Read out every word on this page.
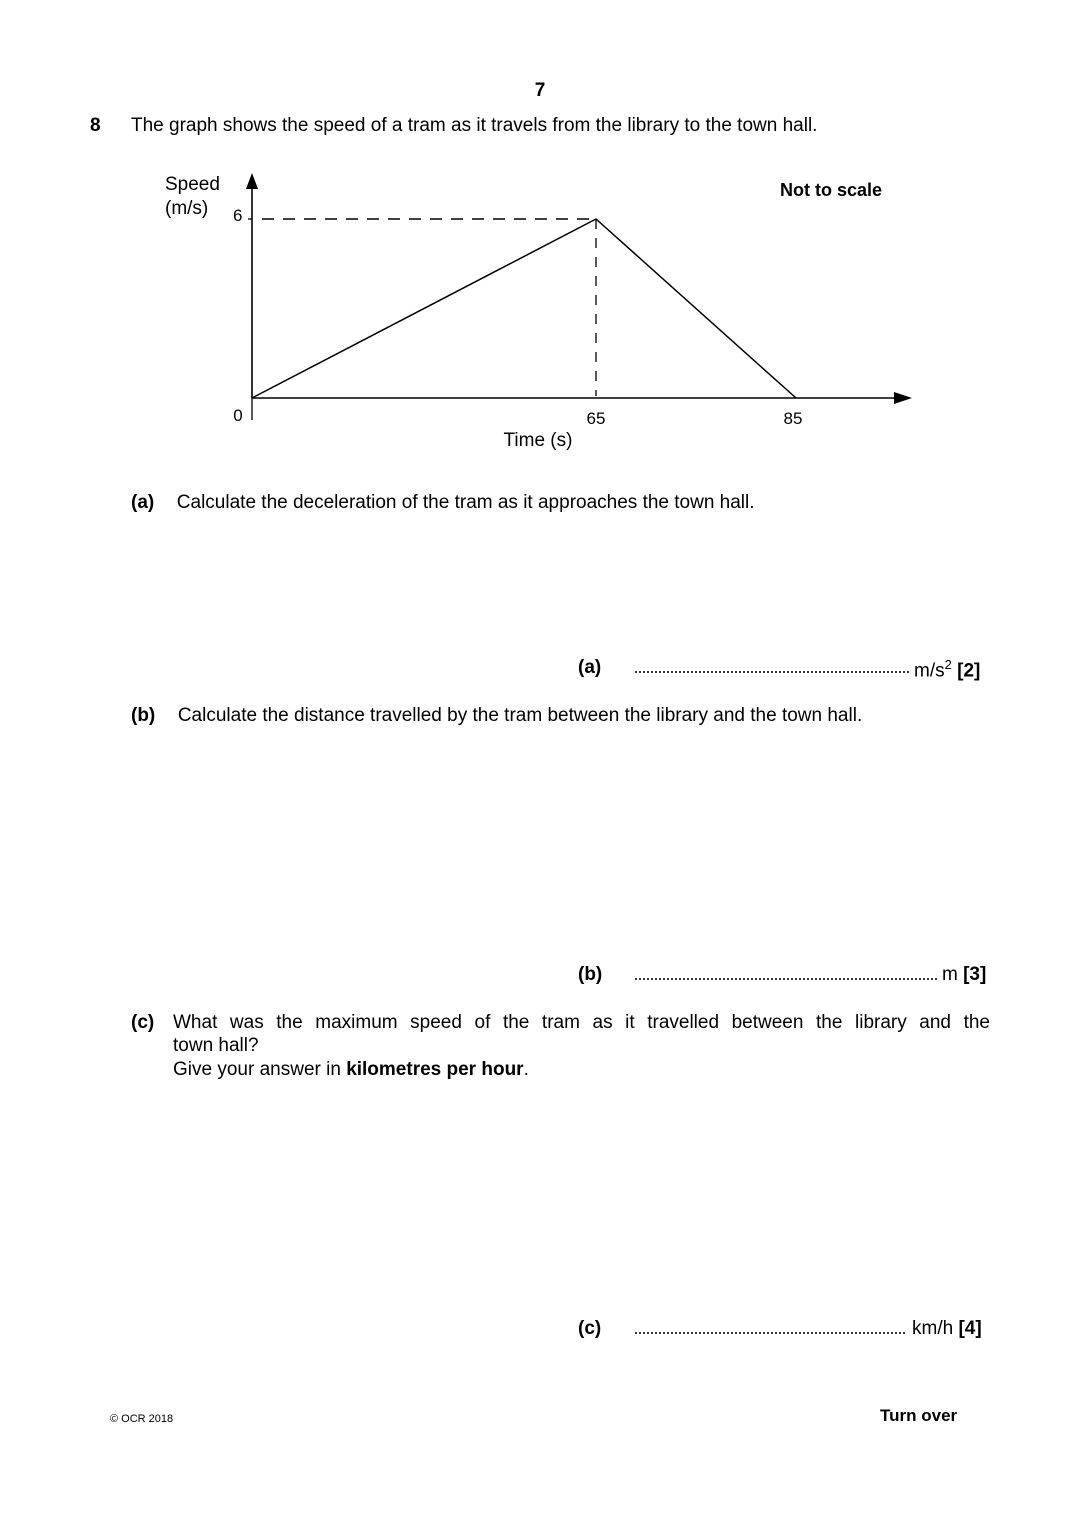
7
8 The graph shows the speed of a tram as it travels from the library to the town hall.
Speed
(m/s) 6
Not to scale
0	65	85
Time (s)
(a) Calculate the deceleration of the tram as it approaches the town hall.
(a)	$m/s^2$ [2]
(b) Calculate the distance travelled by the tram between the library and the town hall.
(b)	m [3]
(c) What was the maximum speed of the tram as it travelled between the library and the
town hall?
Give your answer in kilometres per hour.
(c)	km/h [4]
© OCR 2018	Turn over
